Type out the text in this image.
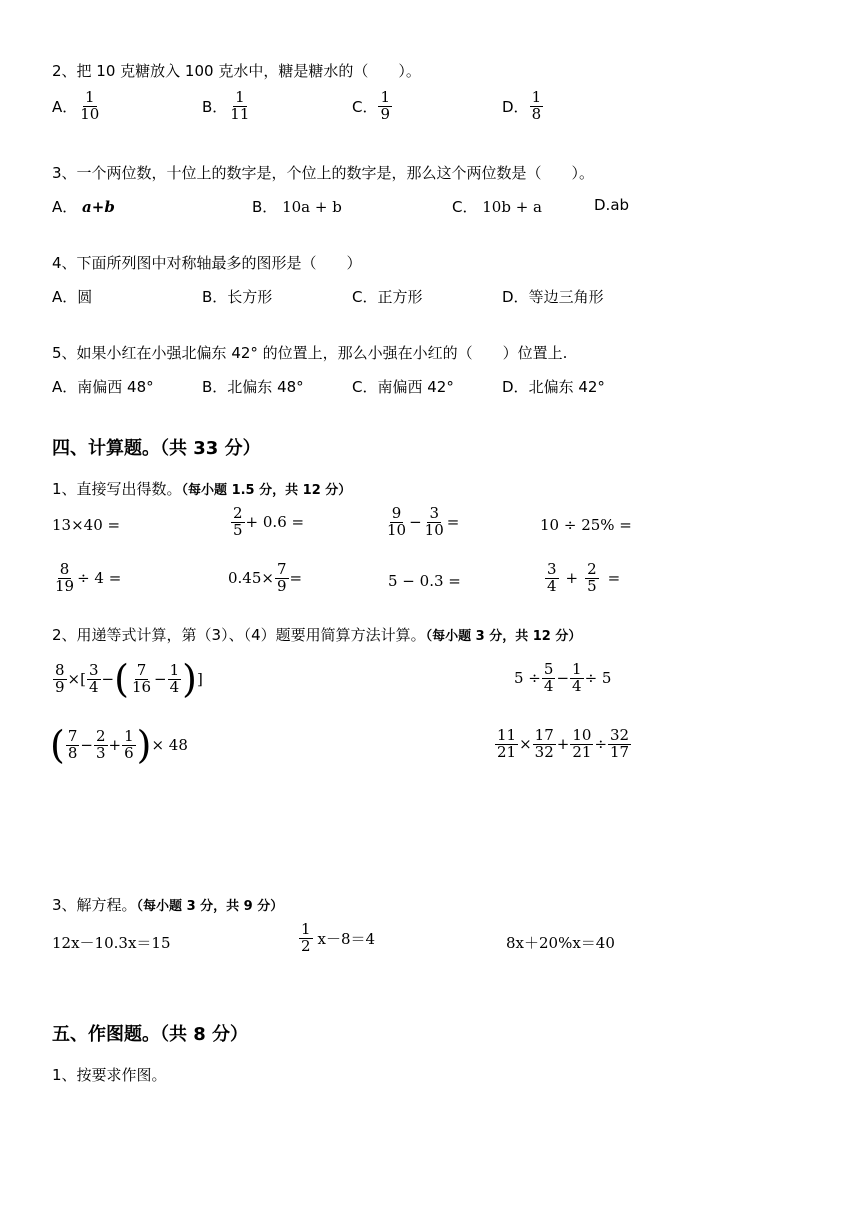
2、把 10 克糖放入 100 克水中，糖是糖水的（　　）。
A． $\frac{1}{10}$	B． $\frac{1}{11}$	C． $\frac{1}{9}$	D． $\frac{1}{8}$
3、一个两位数，十位上的数字是，个位上的数字是，那么这个两位数是（　　）。
A． a+b	B． 10a + b	C． 10b + a	D.ab
4、下面所列图中对称轴最多的图形是（　　）
A．圆	B．长方形	C．正方形	D．等边三角形
5、如果小红在小强北偏东 42° 的位置上，那么小强在小红的（　　）位置上.
A．南偏西 48°	B．北偏东 48°	C．南偏西 42°	D．北偏东 42°
四、计算题。（共 33 分）
1、直接写出得数。（每小题 1.5 分，共 12 分）
13×40 =	$\frac{2}{5} + 0.6$ =	$\frac{9}{10} - \frac{3}{10}$ =	10 ÷ 25% =
$\frac{8}{19} \div 4$ =	$0.45\times \frac{7}{9}$ =	5 − 0.3 =	$\frac{3}{4} + \frac{2}{5}$ =
2、用递等式计算，第（3）、（4）题要用简算方法计算。（每小题 3 分，共 12 分）
$\frac{8}{9}$ × [ $\frac{3}{4}$ − ( $\frac{7}{16} - \frac{1}{4}$ ) ]	$5 \div \frac{5}{4} - \frac{1}{4} \div 5$
( $\frac{7}{8} - \frac{2}{3} + \frac{1}{6}$ ) × 48	$\frac{11}{21} \times \frac{17}{32} + \frac{10}{21} \div \frac{32}{17}$
3、解方程。（每小题 3 分，共 9 分）
12x－10.3x＝15	$\frac{1}{2} x-8=4$	8x＋20%x＝40
五、作图题。（共 8 分）
1、按要求作图。
